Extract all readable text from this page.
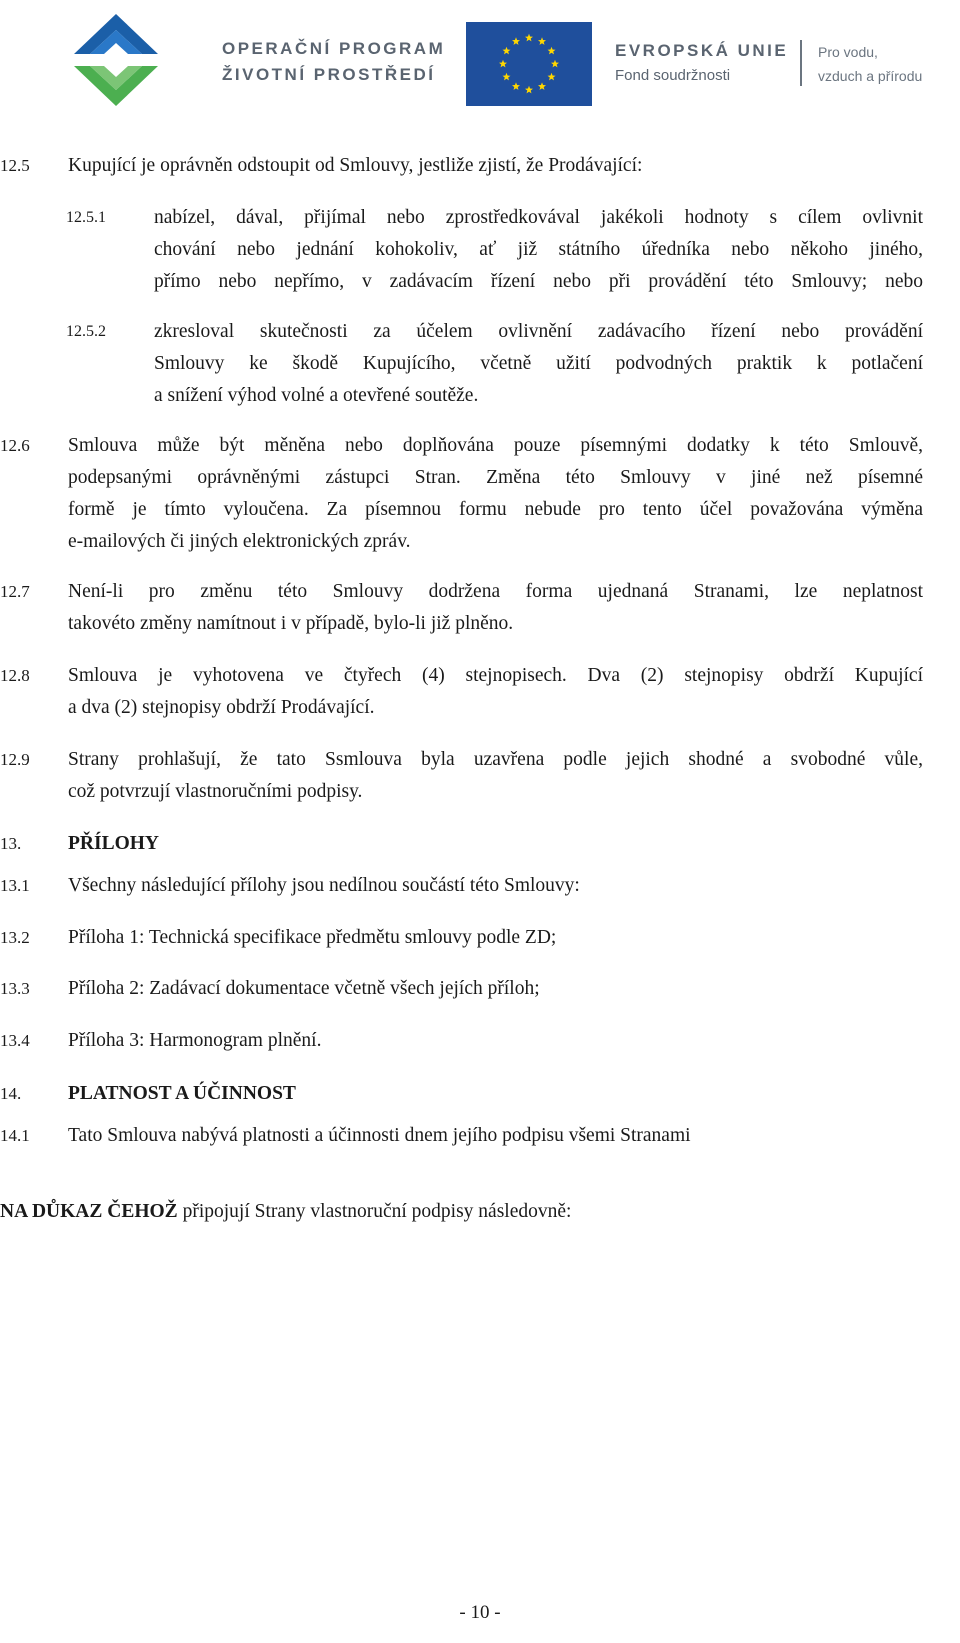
OPERAČNÍ PROGRAM
ŽIVOTNÍ PROSTŘEDÍ
EVROPSKÁ UNIE
Fond soudržnosti
Pro vodu,
vzduch a přírodu
12.5 Kupující je oprávněn odstoupit od Smlouvy, jestliže zjistí, že Prodávající:
12.5.1 nabízel, dával, přijímal nebo zprostředkovával jakékoli hodnoty s cílem ovlivnit
chování nebo jednání kohokoliv, ať již státního úředníka nebo někoho jiného,
přímo nebo nepřímo, v zadávacím řízení nebo při provádění této Smlouvy; nebo
12.5.2 zkresloval skutečnosti za účelem ovlivnění zadávacího řízení nebo provádění
Smlouvy ke škodě Kupujícího, včetně užití podvodných praktik k potlačení
a snížení výhod volné a otevřené soutěže.
12.6 Smlouva může být měněna nebo doplňována pouze písemnými dodatky k této Smlouvě,
podepsanými oprávněnými zástupci Stran. Změna této Smlouvy v jiné než písemné
formě je tímto vyloučena. Za písemnou formu nebude pro tento účel považována výměna
e-mailových či jiných elektronických zpráv.
12.7 Není-li pro změnu této Smlouvy dodržena forma ujednaná Stranami, lze neplatnost
takovéto změny namítnout i v případě, bylo-li již plněno.
12.8 Smlouva je vyhotovena ve čtyřech (4) stejnopisech. Dva (2) stejnopisy obdrží Kupující
a dva (2) stejnopisy obdrží Prodávající.
12.9 Strany prohlašují, že tato Ssmlouva byla uzavřena podle jejich shodné a svobodné vůle,
což potvrzují vlastnoručními podpisy.
13. PŘÍLOHY
13.1 Všechny následující přílohy jsou nedílnou součástí této Smlouvy:
13.2 Příloha 1: Technická specifikace předmětu smlouvy podle ZD;
13.3 Příloha 2: Zadávací dokumentace včetně všech jejích příloh;
13.4 Příloha 3: Harmonogram plnění.
14. PLATNOST A ÚČINNOST
14.1 Tato Smlouva nabývá platnosti a účinnosti dnem jejího podpisu všemi Stranami
NA DŮKAZ ČEHOŽ připojují Strany vlastnoruční podpisy následovně:
- 10 -
